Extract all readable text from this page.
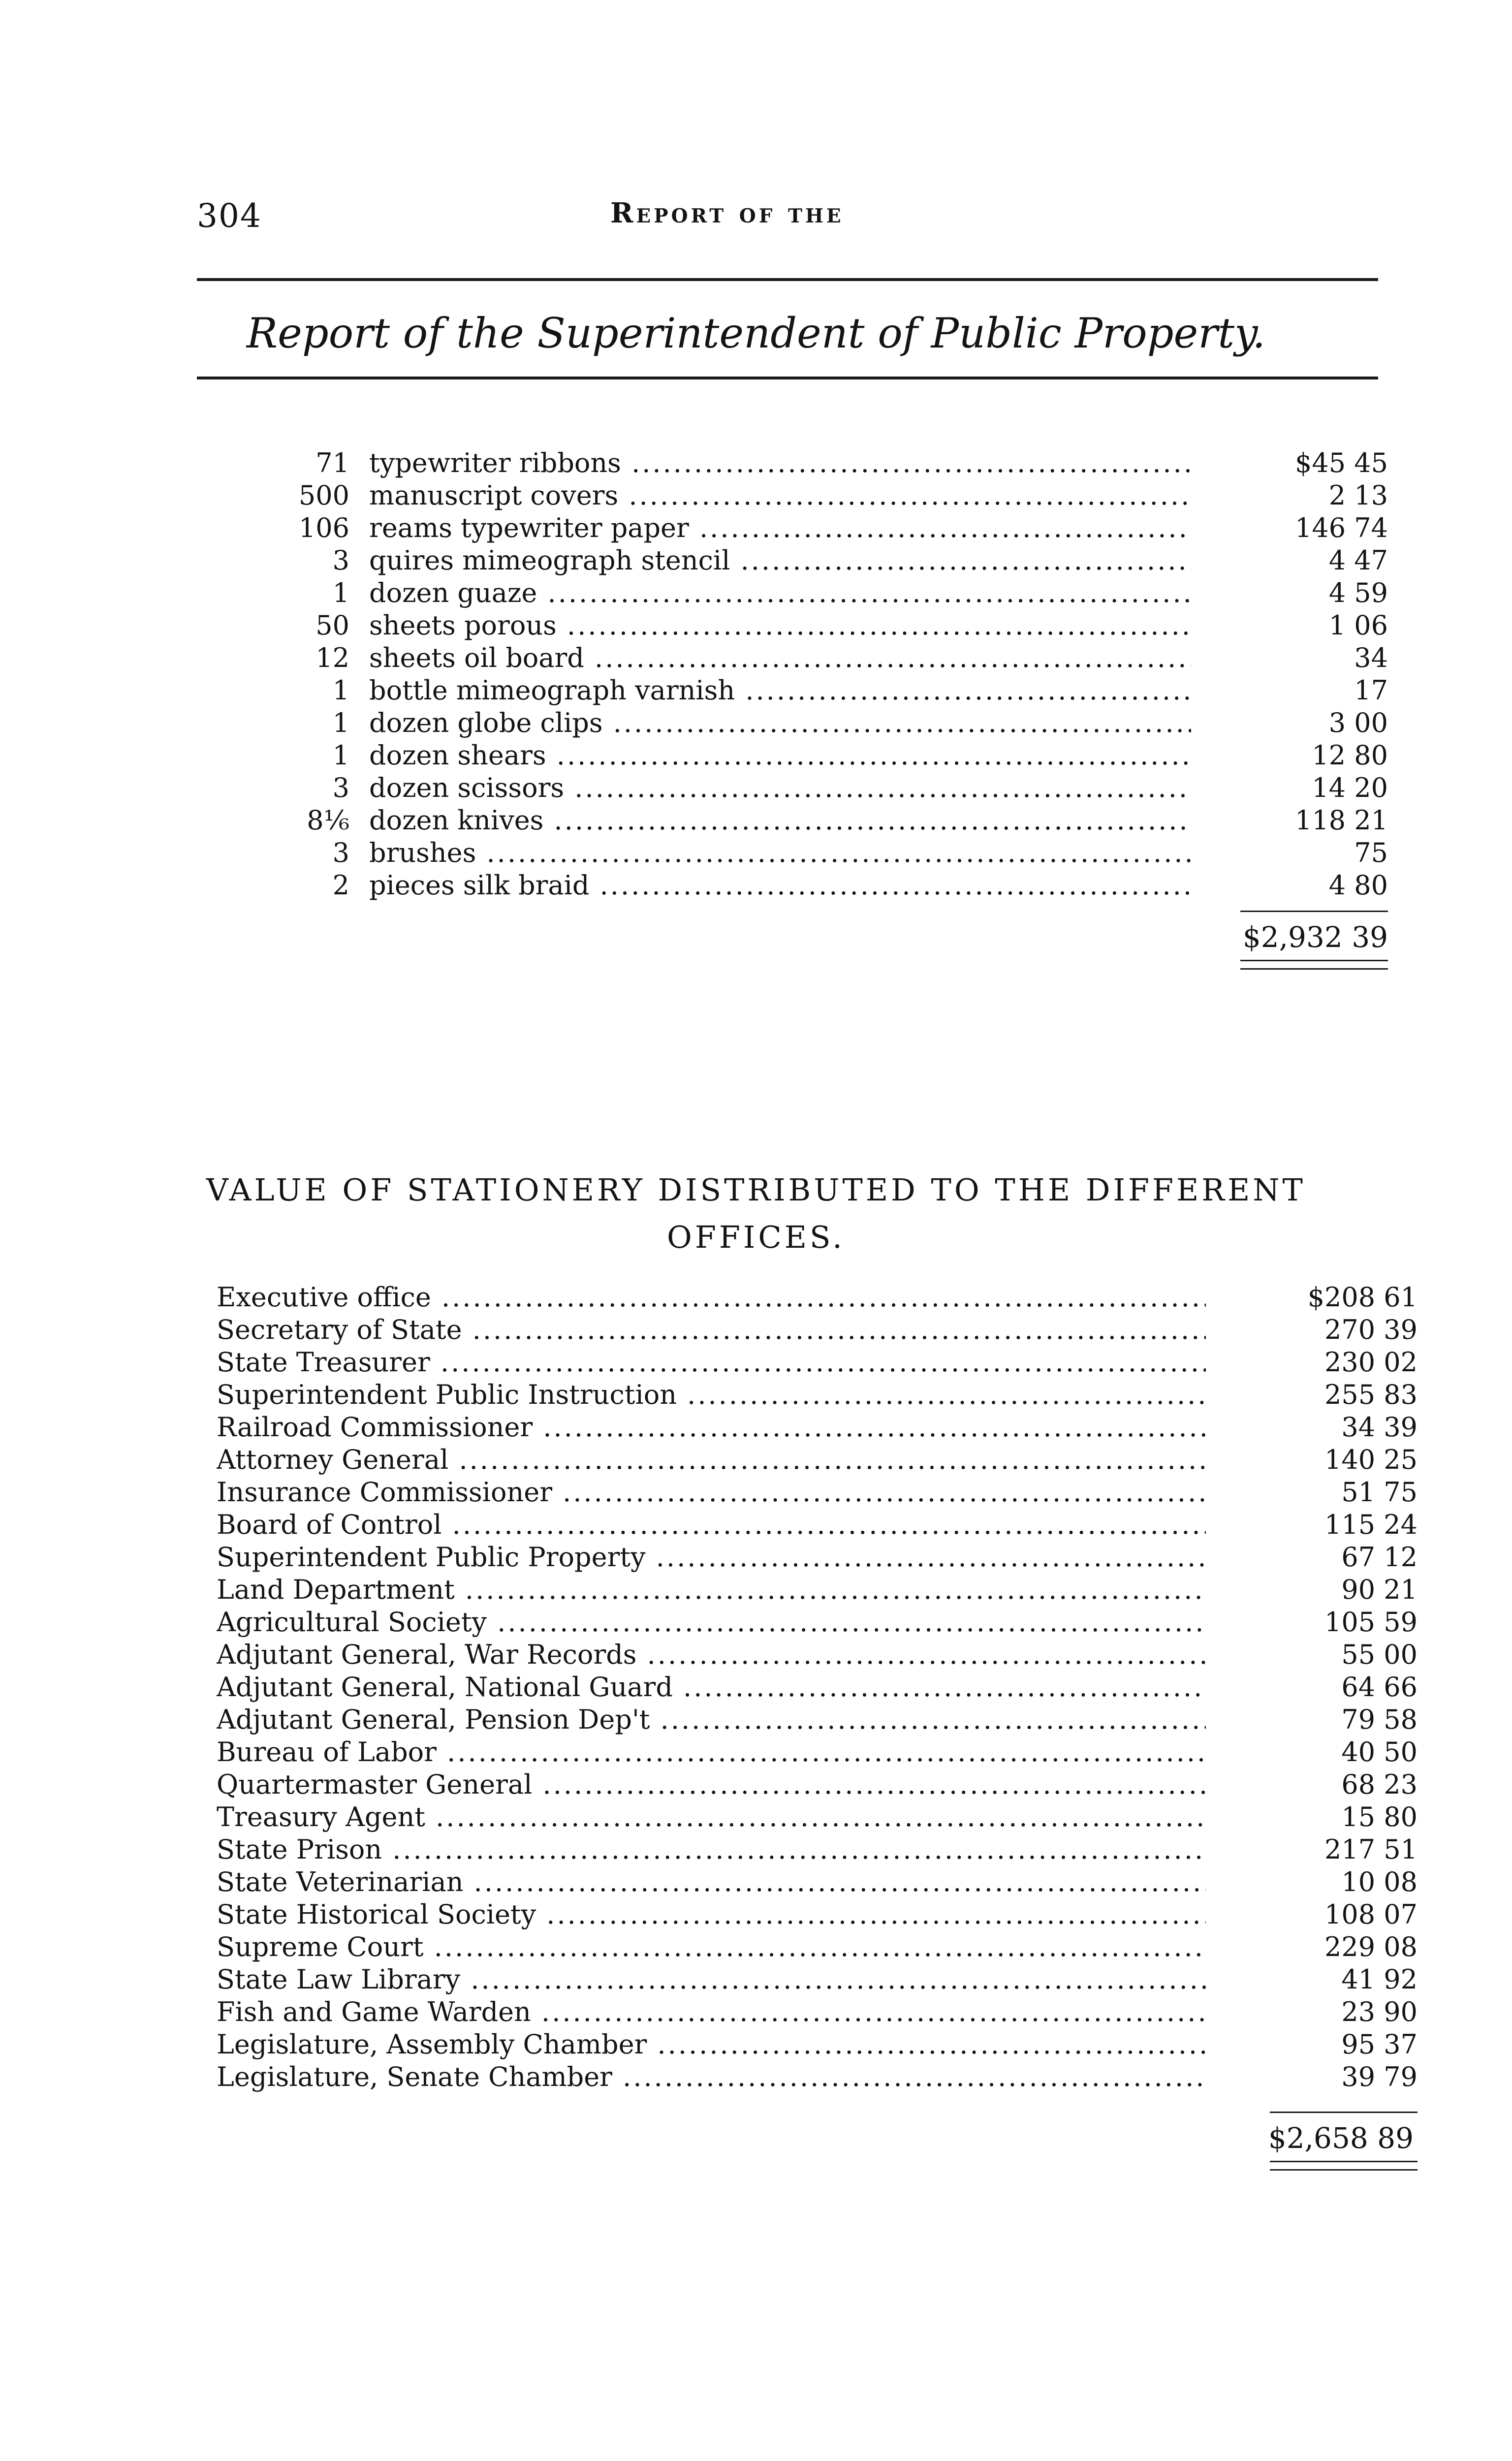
304	Report of the
Report of the Superintendent of Public Property.
71 typewriter ribbons .....	$45 45
500 manuscript covers .....	2 13
106 reams typewriter paper .....	146 74
3 quires mimeograph stencil .....	4 47
1 dozen guaze .....	4 59
50 sheets porous .....	1 06
12 sheets oil board .....	34
1 bottle mimeograph varnish .....	17
1 dozen globe clips .....	3 00
1 dozen shears .....	12 80
3 dozen scissors .....	14 20
8⅙ dozen knives .....	118 21
3 brushes .....	75
2 pieces silk braid .....	4 80
$2,932 39
VALUE OF STATIONERY DISTRIBUTED TO THE DIFFERENT
OFFICES.
Executive office .....	$208 61
Secretary of State .....	270 39
State Treasurer .....	230 02
Superintendent Public Instruction .....	255 83
Railroad Commissioner .....	34 39
Attorney General .....	140 25
Insurance Commissioner .....	51 75
Board of Control .....	115 24
Superintendent Public Property .....	67 12
Land Department .....	90 21
Agricultural Society .....	105 59
Adjutant General, War Records .....	55 00
Adjutant General, National Guard .....	64 66
Adjutant General, Pension Dep't .....	79 58
Bureau of Labor .....	40 50
Quartermaster General .....	68 23
Treasury Agent .....	15 80
State Prison .....	217 51
State Veterinarian .....	10 08
State Historical Society .....	108 07
Supreme Court .....	229 08
State Law Library .....	41 92
Fish and Game Warden .....	23 90
Legislature, Assembly Chamber .....	95 37
Legislature, Senate Chamber .....	39 79
$2,658 89
